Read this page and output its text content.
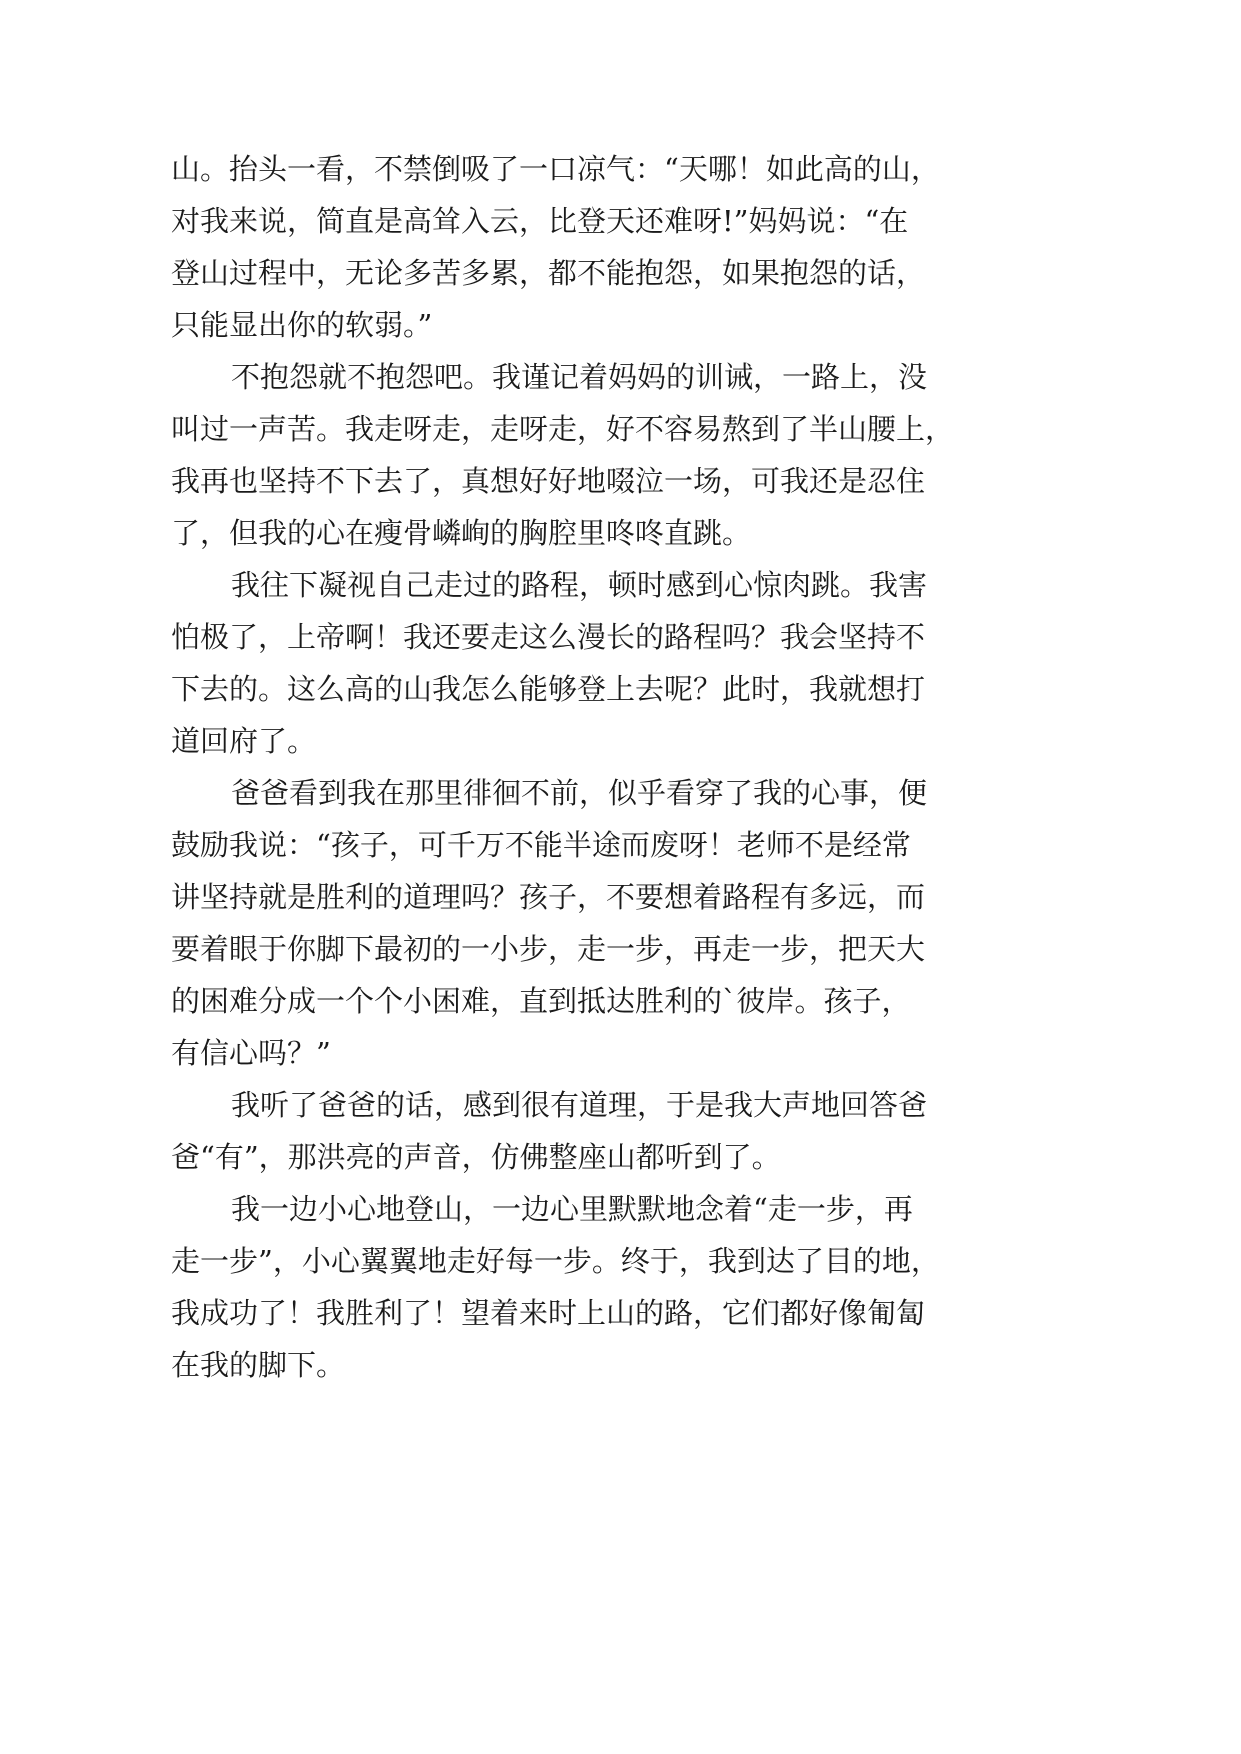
山。抬头一看，不禁倒吸了一口凉气：“天哪！如此高的山，
对我来说，简直是高耸入云，比登天还难呀!”妈妈说：“在
登山过程中，无论多苦多累，都不能抱怨，如果抱怨的话，
只能显出你的软弱。”
不抱怨就不抱怨吧。我谨记着妈妈的训诫，一路上，没
叫过一声苦。我走呀走，走呀走，好不容易熬到了半山腰上，
我再也坚持不下去了，真想好好地啜泣一场，可我还是忍住
了，但我的心在瘦骨嶙峋的胸腔里咚咚直跳。
我往下凝视自己走过的路程，顿时感到心惊肉跳。我害
怕极了，上帝啊！我还要走这么漫长的路程吗？我会坚持不
下去的。这么高的山我怎么能够登上去呢？此时，我就想打
道回府了。
爸爸看到我在那里徘徊不前，似乎看穿了我的心事，便
鼓励我说：“孩子，可千万不能半途而废呀！老师不是经常
讲坚持就是胜利的道理吗？孩子，不要想着路程有多远，而
要着眼于你脚下最初的一小步，走一步，再走一步，把天大
的困难分成一个个小困难，直到抵达胜利的`彼岸。孩子，
有信心吗？”
我听了爸爸的话，感到很有道理，于是我大声地回答爸
爸“有”，那洪亮的声音，仿佛整座山都听到了。
我一边小心地登山，一边心里默默地念着“走一步，再
走一步”，小心翼翼地走好每一步。终于，我到达了目的地，
我成功了！我胜利了！望着来时上山的路，它们都好像匍匐
在我的脚下。
